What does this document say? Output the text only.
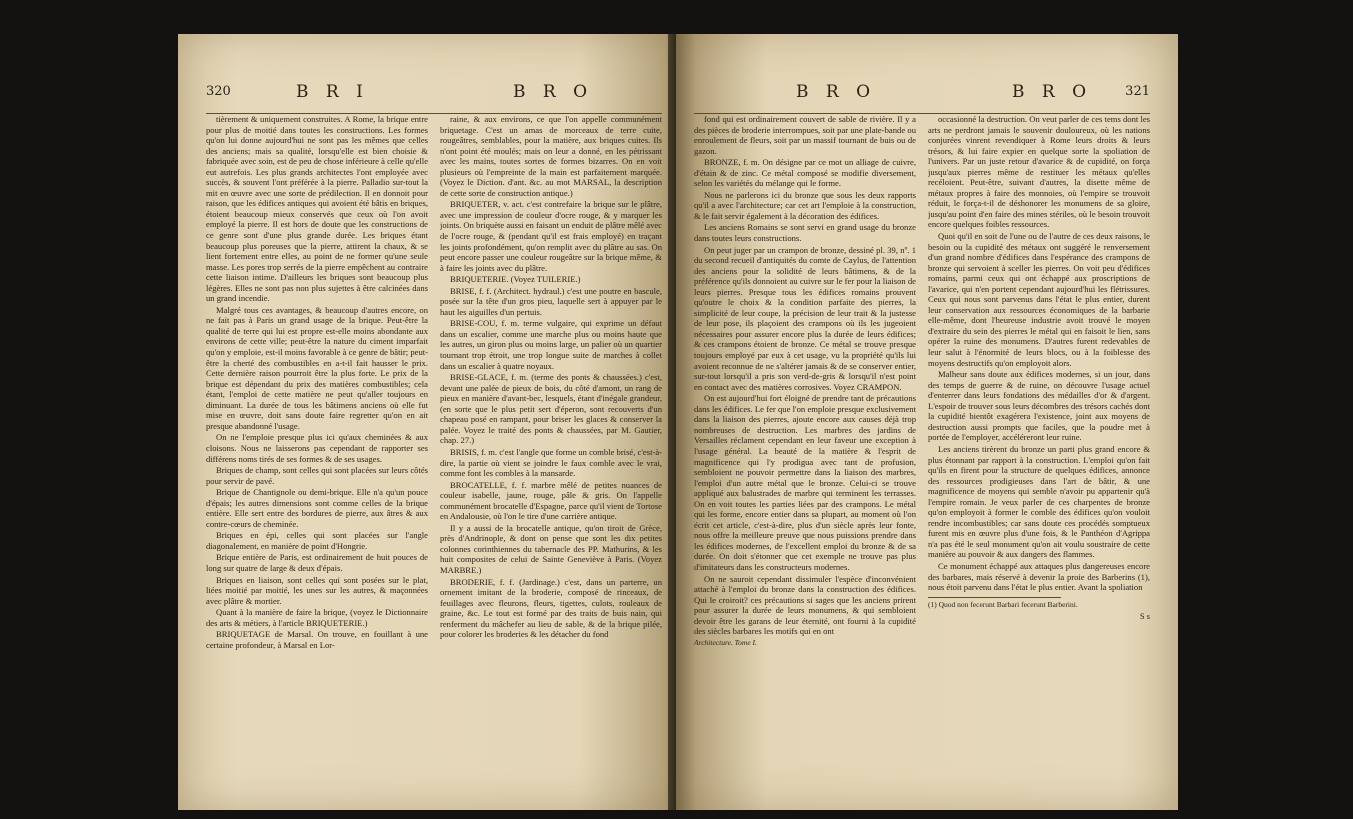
320	B R I	B R O

tièrement & uniquement construites. A Rome, la brique entre pour plus de moitié dans toutes les constructions. Les formes qu'on lui donne aujourd'hui ne sont pas les mêmes que celles des anciens; mais sa qualité, lorsqu'elle est bien choisie & fabriquée avec soin, est de peu de chose inférieure à celle qu'elle eut autrefois. Les plus grands architectes l'ont employée avec succès, & souvent l'ont préférée à la pierre. Palladio sur-tout la mit en œuvre avec une sorte de prédilection. Il en donnoit pour raison, que les édifices antiques qui avoient été bâtis en briques, étoient beaucoup mieux conservés que ceux où l'on avoit employé la pierre. Il est hors de doute que les constructions de ce genre sont d'une plus grande durée. Les briques étant beaucoup plus poreuses que la pierre, attirent la chaux, & se lient fortement entre elles, au point de ne former qu'une seule masse. Les pores trop serrés de la pierre empêchent au contraire cette liaison intime. D'ailleurs les briques sont beaucoup plus légères. Elles ne sont pas non plus sujettes à être calcinées dans un grand incendie.

Malgré tous ces avantages, & beaucoup d'autres encore, on ne fait pas à Paris un grand usage de la brique. Peut-être la qualité de terre qui lui est propre est-elle moins abondante aux environs de cette ville; peut-être la nature du ciment imparfait qu'on y emploie, est-il moins favorable à ce genre de bâtir; peut-être la cherté des combustibles en a-t-il fait hausser le prix. Cette dernière raison pourroit être la plus forte. Le prix de la brique est dépendant du prix des matières combustibles; cela étant, l'emploi de cette matière ne peut qu'aller toujours en diminuant. La durée de tous les bâtimens anciens où elle fut mise en œuvre, doit sans doute faire regretter qu'on en ait presque abandonné l'usage.

On ne l'emploie presque plus ici qu'aux cheminées & aux cloisons. Nous ne laisserons pas cependant de rapporter ses différens noms tirés de ses formes & de ses usages.

Briques de champ, sont celles qui sont placées sur leurs côtés pour servir de pavé.

Brique de Chantignole ou demi-brique. Elle n'a qu'un pouce d'épais; les autres dimensions sont comme celles de la brique entière. Elle sert entre des bordures de pierre, aux âtres & aux contre-cœurs de cheminée.

Briques en épi, celles qui sont placées sur l'angle diagonalement, en manière de point d'Hongrie.

Brique entière de Paris, est ordinairement de huit pouces de long sur quatre de large & deux d'épais.

Briques en liaison, sont celles qui sont posées sur le plat, liées moitié par moitié, les unes sur les autres, & maçonnées avec plâtre & mortier.

Quant à la manière de faire la brique, (voyez le Dictionnaire des arts & métiers, à l'article BRIQUETERIE.)

BRIQUETAGE de Marsal. On trouve, en fouillant à une certaine profondeur, à Marsal en Lor-

raine, & aux environs, ce que l'on appelle communément briquetage. C'est un amas de morceaux de terre cuite, rougeâtres, semblables, pour la matière, aux briques cuites. Ils n'ont point été moulés; mais on leur a donné, en les pétrissant avec les mains, toutes sortes de formes bizarres. On en voit plusieurs où l'empreinte de la main est parfaitement marquée. (Voyez le Diction. d'ant. &c. au mot MARSAL, la description de cette sorte de construction antique.)

BRIQUETER, v. act. c'est contrefaire la brique sur le plâtre, avec une impression de couleur d'ocre rouge, & y marquer les joints. On briquète aussi en faisant un enduit de plâtre mêlé avec de l'ocre rouge, & (pendant qu'il est frais employé) en traçant les joints profondément, qu'on remplit avec du plâtre au sas. On peut encore passer une couleur rougeâtre sur la brique même, & à faire les joints avec du plâtre.

BRIQUETERIE. (Voyez TUILERIE.)

BRISE, f. f. (Architect. hydraul.) c'est une poutre en bascule, posée sur la tête d'un gros pieu, laquelle sert à appuyer par le haut les aiguilles d'un pertuis.

BRISE-COU, f. m. terme vulgaire, qui exprime un défaut dans un escalier, comme une marche plus ou moins haute que les autres, un giron plus ou moins large, un palier où un quartier tournant trop étroit, une trop longue suite de marches à collet dans un escalier à quatre noyaux.

BRISE-GLACE, f. m. (terme des ponts & chaussées.) c'est, devant une palée de pieux de bois, du côté d'amont, un rang de pieux en manière d'avant-bec, lesquels, étant d'inégale grandeur, (en sorte que le plus petit sert d'éperon, sont recouverts d'un chapeau posé en rampant, pour briser les glaces & conserver la palée. Voyez le traité des ponts & chaussées, par M. Gautier, chap. 27.)

BRISIS, f. m. c'est l'angle que forme un comble brisé, c'est-à-dire, la partie où vient se joindre le faux comble avec le vrai, comme font les combles à la mansarde.

BROCATELLE, f. f. marbre mêlé de petites nuances de couleur isabelle, jaune, rouge, pâle & gris. On l'appelle communément brocatelle d'Espagne, parce qu'il vient de Tortose en Andalousie, où l'on le tire d'une carrière antique.

Il y a aussi de la brocatelle antique, qu'on tiroit de Grèce, près d'Andrinople, & dont on pense que sont les dix petites colonnes corinthiennes du tabernacle des PP. Mathurins, & les huit composites de celui de Sainte Geneviève à Paris. (Voyez MARBRE.)

BRODERIE, f. f. (Jardinage.) c'est, dans un parterre, un ornement imitant de la broderie, composé de rinceaux, de feuillages avec fleurons, fleurs, tigettes, culots, rouleaux de graine, &c. Le tout est formé par des traits de buis nain, qui renferment du mâchefer au lieu de sable, & de la brique pilée, pour colorer les broderies & les détacher du fond

B R O	B R O	321

fond qui est ordinairement couvert de sable de rivière. Il y a des pièces de broderie interrompues, soit par une plate-bande ou enroulement de fleurs, soit par un massif tournant de buis ou de gazon.

BRONZE, f. m. On désigne par ce mot un alliage de cuivre, d'étain & de zinc. Ce métal composé se modifie diversement, selon les variétés du mélange qui le forme.

Nous ne parlerons ici du bronze que sous les deux rapports qu'il a avec l'architecture; car cet art l'emploie à la construction, & le fait servir également à la décoration des édifices.

Les anciens Romains se sont servi en grand usage du bronze dans toutes leurs constructions.

On peut juger par un crampon de bronze, dessiné pl. 39, nº. 1 du second recueil d'antiquités du comte de Caylus, de l'attention des anciens pour la solidité de leurs bâtimens, & de la préférence qu'ils donnoient au cuivre sur le fer pour la liaison de leurs pierres. Presque tous les édifices romains prouvent qu'outre le choix & la condition parfaite des pierres, la simplicité de leur coupe, la précision de leur trait & la justesse de leur pose, ils plaçoient des crampons où ils les jugeoient nécessaires pour assurer encore plus la durée de leurs édifices; & ces crampons étoient de bronze. Ce métal se trouve presque toujours employé par eux à cet usage, vu la propriété qu'ils lui avoient reconnue de ne s'altérer jamais & de se conserver entier, sur-tout lorsqu'il a pris son verd-de-gris & lorsqu'il n'est point en contact avec des matières corrosives. Voyez CRAMPON.

On est aujourd'hui fort éloigné de prendre tant de précautions dans les édifices. Le fer que l'on emploie presque exclusivement dans la liaison des pierres, ajoute encore aux causes déjà trop nombreuses de destruction. Les marbres des jardins de Versailles réclament cependant en leur faveur une exception à l'usage général. La beauté de la matière & l'esprit de magnificence qui l'y prodigua avec tant de profusion, sembloient ne pouvoir permettre dans la liaison des marbres, l'emploi d'un autre métal que le bronze. Celui-ci se trouve appliqué aux balustrades de marbre qui terminent les terrasses. On en voit toutes les parties liées par des crampons. Le métal qui les forme, encore entier dans sa plupart, au moment où l'on écrit cet article, c'est-à-dire, plus d'un siècle après leur fonte, nous offre la meilleure preuve que nous puissions prendre dans les édifices modernes, de l'excellent emploi du bronze & de sa durée. On doit s'étonner que cet exemple ne trouve pas plus d'imitateurs dans les constructeurs modernes.

On ne sauroit cependant dissimuler l'espèce d'inconvénient attaché à l'emploi du bronze dans la construction des édifices. Qui le croiroit? ces précautions si sages que les anciens prirent pour assurer la durée de leurs monumens, & qui sembloient devoir être les garans de leur éternité, ont fourni à la cupidité des siècles barbares les motifs qui en ont

Architecture. Tome I.

occasionné la destruction. On veut parler de ces tems dont les arts ne perdront jamais le souvenir douloureux, où les nations conjurées vinrent revendiquer à Rome leurs droits & leurs trésors, & lui faire expier en quelque sorte la spoliation de l'univers. Par un juste retour d'avarice & de cupidité, on força jusqu'aux pierres même de restituer les métaux qu'elles recéloient. Peut-être, suivant d'autres, la disette même de métaux propres à faire des monnoies, où l'empire se trouvoit réduit, le força-t-il de déshonorer les monumens de sa gloire, jusqu'au point d'en faire des mines stériles, où le besoin trouvoit encore quelques foibles ressources.

Quoi qu'il en soit de l'une ou de l'autre de ces deux raisons, le besoin ou la cupidité des métaux ont suggéré le renversement d'un grand nombre d'édifices dans l'espérance des crampons de bronze qui servoient à sceller les pierres. On voit peu d'édifices romains, parmi ceux qui ont échappé aux proscriptions de l'avarice, qui n'en portent cependant aujourd'hui les flétrissures. Ceux qui nous sont parvenus dans l'état le plus entier, durent leur conservation aux ressources économiques de la barbarie elle-même, dont l'heureuse industrie avoit trouvé le moyen d'extraire du sein des pierres le métal qui en faisoit le lien, sans opérer la ruine des monumens. D'autres furent redevables de leur salut à l'énormité de leurs blocs, ou à la foiblesse des moyens destructifs qu'on employoit alors.

Malheur sans doute aux édifices modernes, si un jour, dans des temps de guerre & de ruine, on découvre l'usage actuel d'enterrer dans leurs fondations des médailles d'or & d'argent. L'espoir de trouver sous leurs décombres des trésors cachés dont la cupidité bientôt exagérera l'existence, joint aux moyens de destruction aussi prompts que faciles, que la poudre met à portée de l'employer, accéléreront leur ruine.

Les anciens tirèrent du bronze un parti plus grand encore & plus étonnant par rapport à la construction. L'emploi qu'on fait qu'ils en firent pour la structure de quelques édifices, annonce des ressources prodigieuses dans l'art de bâtir, & une magnificence de moyens qui semble n'avoir pu appartenir qu'à l'empire romain. Je veux parler de ces charpentes de bronze qu'on employoit à former le comble des édifices qu'on vouloit rendre incombustibles; car sans doute ces procédés somptueux furent mis en œuvre plus d'une fois, & le Panthéon d'Agrippa n'a pas été le seul monument qu'on ait voulu soustraire de cette manière au pouvoir & aux dangers des flammes.

Ce monument échappé aux attaques plus dangereuses encore des barbares, mais réservé à devenir la proie des Barberins (1), nous étoit parvenu dans l'état le plus entier. Avant la spoliation

(1) Quod non fecerunt Barbari fecerunt Barberini.

S s
